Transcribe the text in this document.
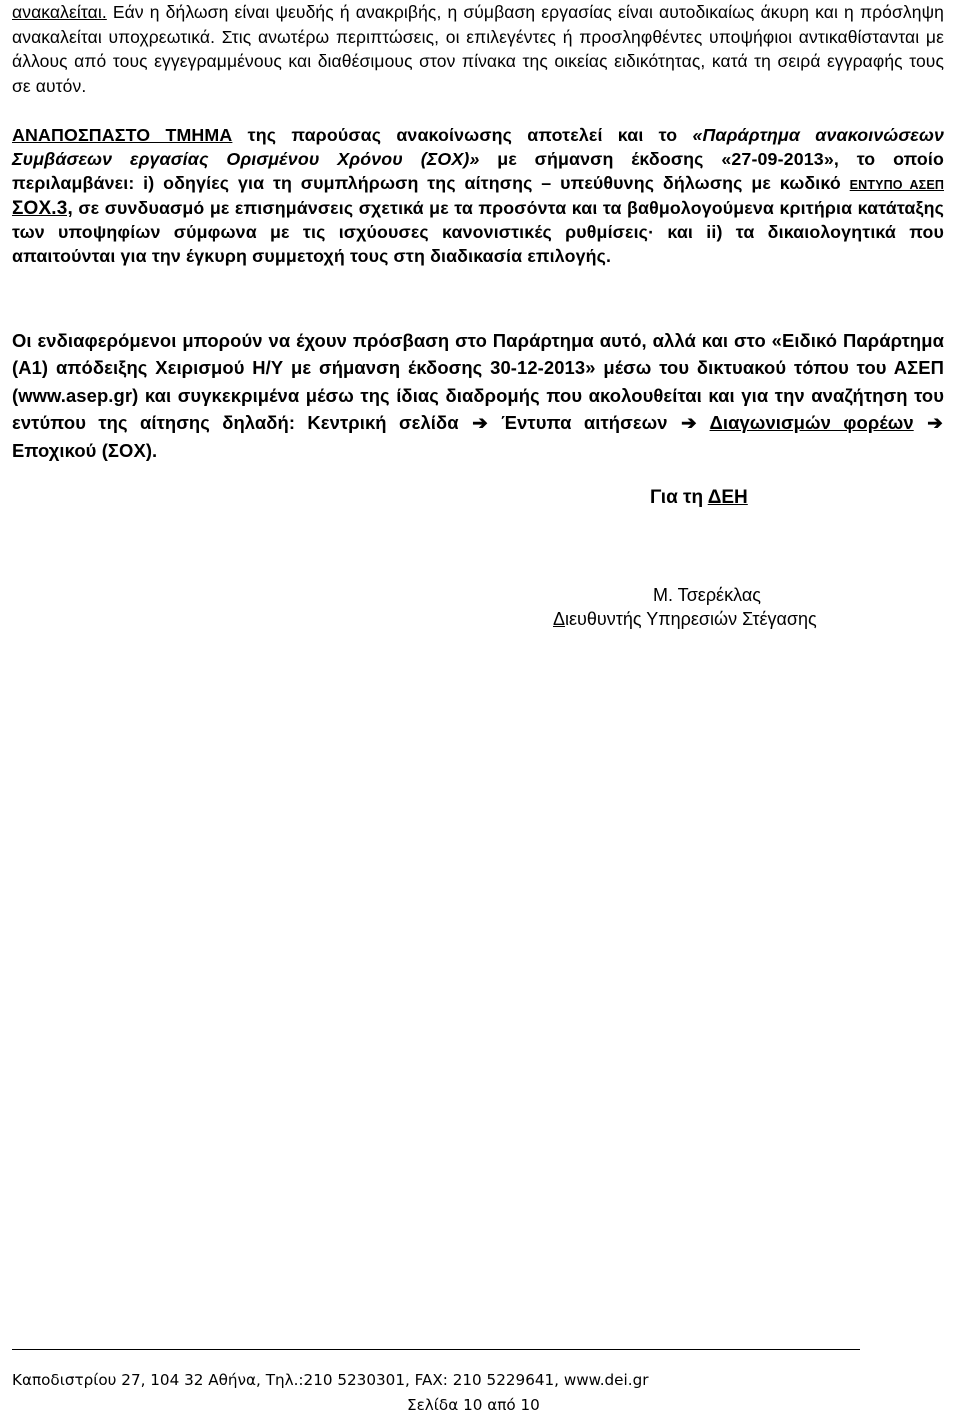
ανακαλείται. Εάν η δήλωση είναι ψευδής ή ανακριβής, η σύμβαση εργασίας είναι αυτοδικαίως άκυρη και η πρόσληψη ανακαλείται υποχρεωτικά. Στις ανωτέρω περιπτώσεις, οι επιλεγέντες ή προσληφθέντες υποψήφιοι αντικαθίστανται με άλλους από τους εγγεγραμμένους και διαθέσιμους στον πίνακα της οικείας ειδικότητας, κατά τη σειρά εγγραφής τους σε αυτόν.
ΑΝΑΠΟΣΠΑΣΤΟ ΤΜΗΜΑ της παρούσας ανακοίνωσης αποτελεί και το «Παράρτημα ανακοινώσεων Συμβάσεων εργασίας Ορισμένου Χρόνου (ΣΟΧ)» με σήμανση έκδοσης «27-09-2013», το οποίο περιλαμβάνει: i) οδηγίες για τη συμπλήρωση της αίτησης – υπεύθυνης δήλωσης με κωδικό ΕΝΤΥΠΟ ΑΣΕΠ ΣΟΧ.3, σε συνδυασμό με επισημάνσεις σχετικά με τα προσόντα και τα βαθμολογούμενα κριτήρια κατάταξης των υποψηφίων σύμφωνα με τις ισχύουσες κανονιστικές ρυθμίσεις· και ii) τα δικαιολογητικά που απαιτούνται για την έγκυρη συμμετοχή τους στη διαδικασία επιλογής.
Οι ενδιαφερόμενοι μπορούν να έχουν πρόσβαση στο Παράρτημα αυτό, αλλά και στο «Ειδικό Παράρτημα (Α1) απόδειξης Χειρισμού Η/Υ με σήμανση έκδοσης 30-12-2013» μέσω του δικτυακού τόπου του ΑΣΕΠ (www.asep.gr) και συγκεκριμένα μέσω της ίδιας διαδρομής που ακολουθείται και για την αναζήτηση του εντύπου της αίτησης δηλαδή: Κεντρική σελίδα ➔ Έντυπα αιτήσεων ➔ Διαγωνισμών φορέων ➔ Εποχικού (ΣΟΧ).
Για τη ΔΕΗ
Μ. Τσερέκλας
Διευθυντής Υπηρεσιών Στέγασης
Καποδιστρίου 27, 104 32 Αθήνα, Τηλ.:210 5230301, FAX: 210 5229641, www.dei.gr
Σελίδα 10 από 10
